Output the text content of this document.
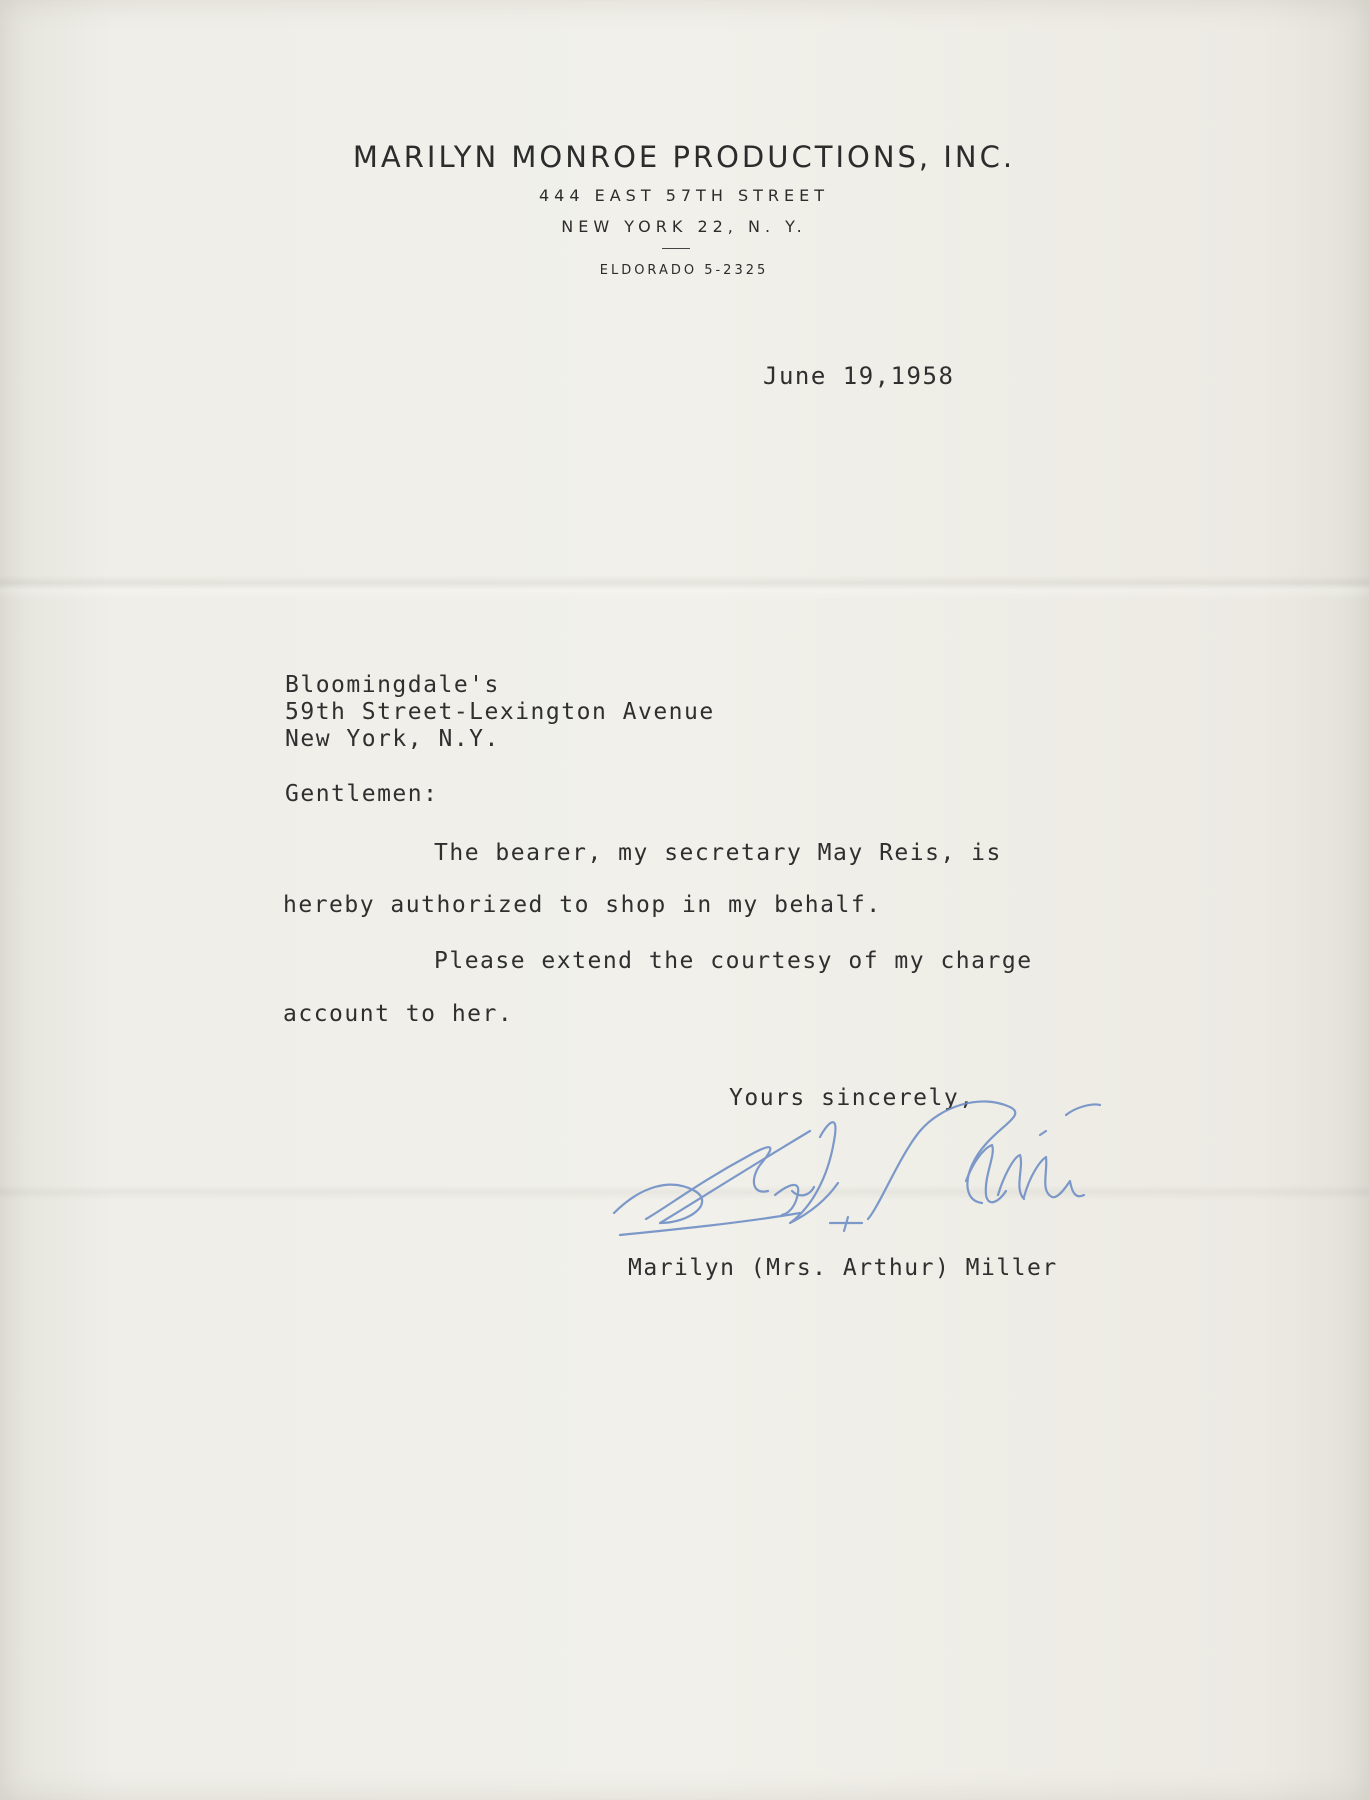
MARILYN MONROE PRODUCTIONS, INC.
444 EAST 57TH STREET
NEW YORK 22, N. Y.
ELDORADO 5-2325
June 19,1958
Bloomingdale's
59th Street-Lexington Avenue
New York, N.Y.
Gentlemen:
The bearer, my secretary May Reis, is
hereby authorized to shop in my behalf.
Please extend the courtesy of my charge
account to her.
Yours sincerely,
Marilyn (Mrs. Arthur) Miller
